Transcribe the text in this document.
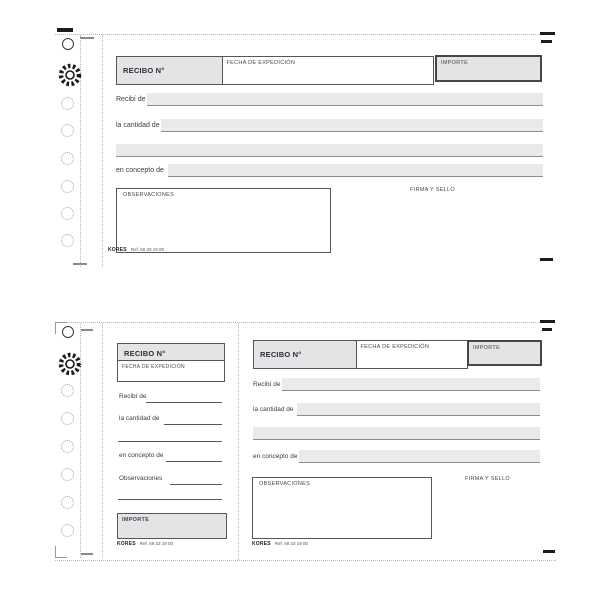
RECIBO N°
FECHA DE EXPEDICIÓN	IMPORTE
Recibí de
la cantidad de
en concepto de
OBSERVACIONES
FIRMA Y SELLO
KORES Ref. 66 33 19 00
RECIBO N°
FECHA DE EXPEDICIÓN
Recibí de
la cantidad de
en concepto de
Observaciones
IMPORTE
KORES Ref. 66 33 19 00
RECIBO N°
FECHA DE EXPEDICIÓN	IMPORTE
Recibí de
la cantidad de
en concepto de
OBSERVACIONES
FIRMA Y SELLO
KORES Ref. 66 33 19 00
